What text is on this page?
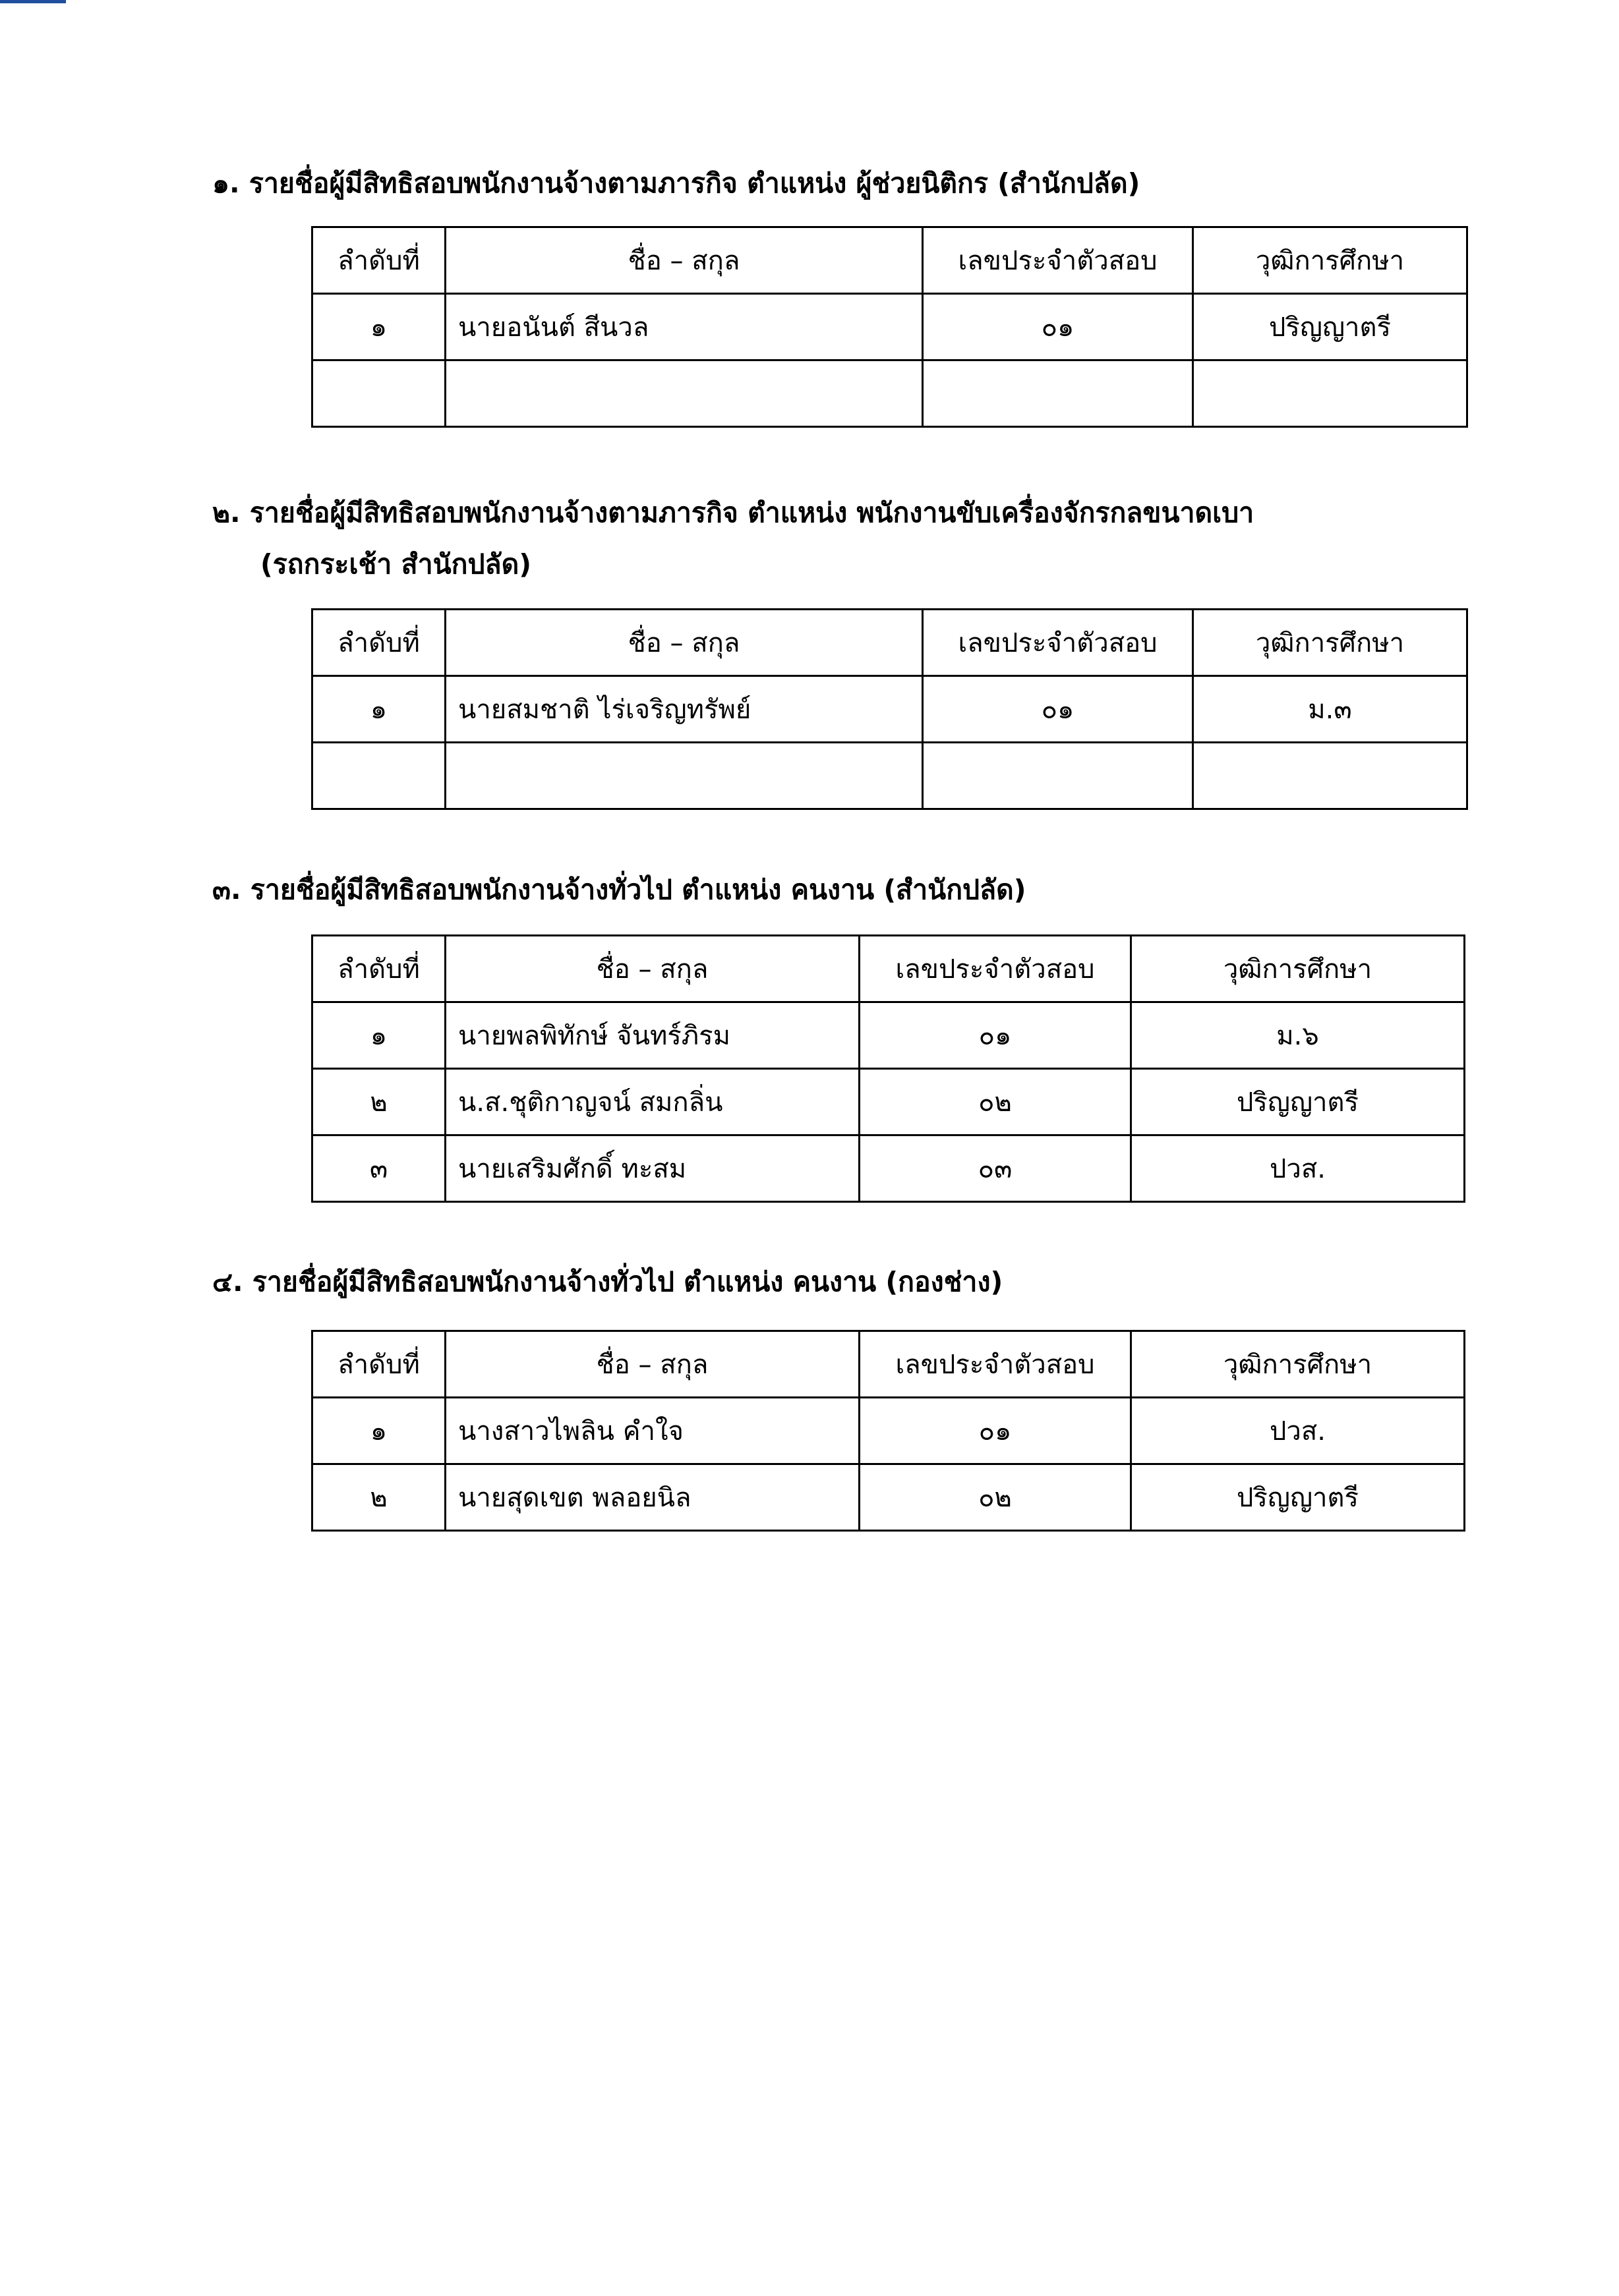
๑. รายชื่อผู้มีสิทธิสอบพนักงานจ้างตามภารกิจ ตำแหน่ง ผู้ช่วยนิติกร (สำนักปลัด)

ลำดับที่	ชื่อ – สกุล	เลขประจำตัวสอบ	วุฒิการศึกษา
๑	นายอนันต์ สีนวล	๐๑	ปริญญาตรี

๒. รายชื่อผู้มีสิทธิสอบพนักงานจ้างตามภารกิจ ตำแหน่ง พนักงานขับเครื่องจักรกลขนาดเบา

(รถกระเช้า สำนักปลัด)

ลำดับที่	ชื่อ – สกุล	เลขประจำตัวสอบ	วุฒิการศึกษา
๑	นายสมชาติ ไร่เจริญทรัพย์	๐๑	ม.๓

๓. รายชื่อผู้มีสิทธิสอบพนักงานจ้างทั่วไป ตำแหน่ง คนงาน (สำนักปลัด)

ลำดับที่	ชื่อ – สกุล	เลขประจำตัวสอบ	วุฒิการศึกษา
๑	นายพลพิทักษ์ จันทร์ภิรม	๐๑	ม.๖
๒	น.ส.ชุติกาญจน์ สมกลิ่น	๐๒	ปริญญาตรี
๓	นายเสริมศักดิ์ ทะสม	๐๓	ปวส.

๔. รายชื่อผู้มีสิทธิสอบพนักงานจ้างทั่วไป ตำแหน่ง คนงาน (กองช่าง)

ลำดับที่	ชื่อ – สกุล	เลขประจำตัวสอบ	วุฒิการศึกษา
๑	นางสาวไพลิน คำใจ	๐๑	ปวส.
๒	นายสุดเขต พลอยนิล	๐๒	ปริญญาตรี
